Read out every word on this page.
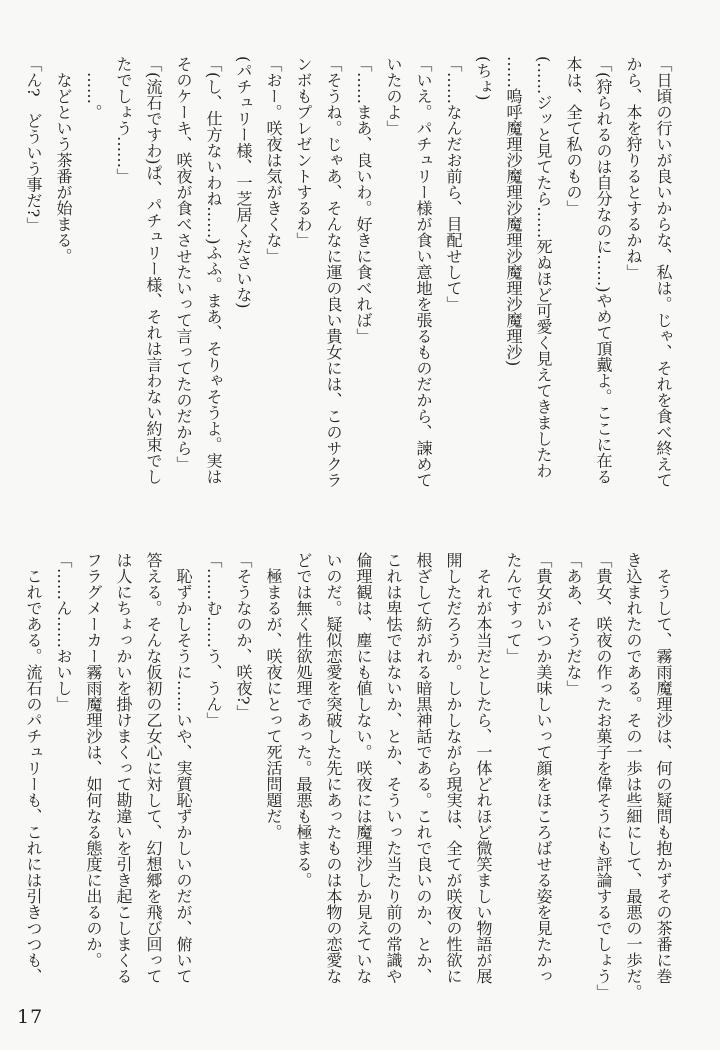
「日頃の行いが良いからな、私は。じゃ、それを食べ終えて
から、本を狩りるとするかね」
「(狩られるのは自分なのに……)やめて頂戴よ。ここに在る
本は、全て私のもの」
(……ジッと見てたら……死ぬほど可愛く見えてきましたわ
……嗚呼魔理沙魔理沙魔理沙魔理沙魔理沙)
(ちょ)
「……なんだお前ら、目配せして」
「いえ。パチュリー様が食い意地を張るものだから、諫めて
いたのよ」
「……まあ、良いわ。好きに食べれば」
「そうね。じゃあ、そんなに運の良い貴女には、このサクラ
ンボもプレゼントするわ」
「おー。咲夜は気がきくな」
(パチュリー様、一芝居くださいな)
「(し、仕方ないわね……)ふふ。まあ、そりゃそうよ。実は
そのケーキ、咲夜が食べさせたいって言ってたのだから」
「(流石ですわ)ぱ、パチュリー様、それは言わない約束でし
たでしょう……」
　……。
　などという茶番が始まる。
「ん?　どういう事だ?」
　そうして、霧雨魔理沙は、何の疑問も抱かずその茶番に巻
き込まれたのである。その一歩は些細にして、最悪の一歩だ。
「貴女、咲夜の作ったお菓子を偉そうにも評論するでしょう」
「ああ、そうだな」
「貴女がいつか美味しいって顔をほころばせる姿を見たかっ
たんですって」
　それが本当だとしたら、一体どれほど微笑ましい物語が展
開しただろうか。しかしながら現実は、全てが咲夜の性欲に
根ざして紡がれる暗黒神話である。これで良いのか、とか、
これは卑怯ではないか、とか、そういった当たり前の常識や
倫理観は、塵にも値しない。咲夜には魔理沙しか見えていな
いのだ。疑似恋愛を突破した先にあったものは本物の恋愛な
どでは無く性欲処理であった。最悪も極まる。
　極まるが、咲夜にとって死活問題だ。
「そうなのか、咲夜?」
「……む……う、うん」
　恥ずかしそうに……いや、実質恥ずかしいのだが、俯いて
答える。そんな仮初の乙女心に対して、幻想郷を飛び回って
は人にちょっかいを掛けまくって勘違いを引き起こしまくる
フラグメーカー霧雨魔理沙は、如何なる態度に出るのか。
「……ん……おいし」
　これである。流石のパチュリーも、これには引きつつも、
17
